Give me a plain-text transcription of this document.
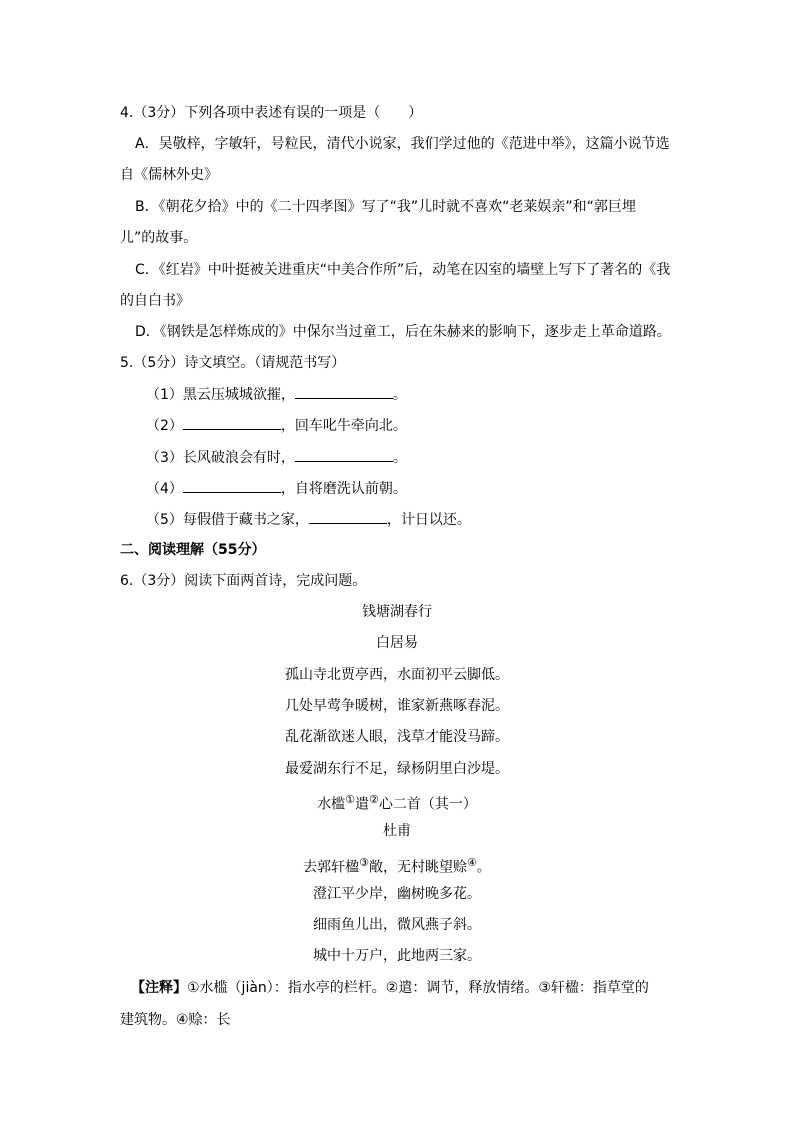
4.（3分）下列各项中表述有误的一项是（　　）
A．吴敬梓，字敏轩，号粒民，清代小说家，我们学过他的《范进中举》，这篇小说节选
自《儒林外史》
B．《朝花夕拾》中的《二十四孝图》写了“我”儿时就不喜欢“老莱娱亲”和“郭巨埋
儿”的故事。
C．《红岩》中叶挺被关进重庆“中美合作所”后，动笔在囚室的墙壁上写下了著名的《我
的自白书》
D．《钢铁是怎样炼成的》中保尔当过童工，后在朱赫来的影响下，逐步走上革命道路。
5.（5分）诗文填空。（请规范书写）
（1）黑云压城城欲摧，	。
（2）	，回车叱牛牵向北。
（3）长风破浪会有时，	。
（4）	，自将磨洗认前朝。
（5）每假借于藏书之家，	，计日以还。
二、阅读理解（55分）
6.（3分）阅读下面两首诗，完成问题。
钱塘湖春行
白居易
孤山寺北贾亭西，水面初平云脚低。
几处早莺争暖树，谁家新燕啄春泥。
乱花渐欲迷人眼，浅草才能没马蹄。
最爱湖东行不足，绿杨阴里白沙堤。
水槛①遣②心二首（其一）
杜甫
去郭轩楹③敞，无村眺望赊④。
澄江平少岸，幽树晚多花。
细雨鱼儿出，微风燕子斜。
城中十万户，此地两三家。
【注释】①水槛（jiàn）：指水亭的栏杆。②遣：调节，释放情绪。③轩楹：指草堂的
建筑物。④赊：长
